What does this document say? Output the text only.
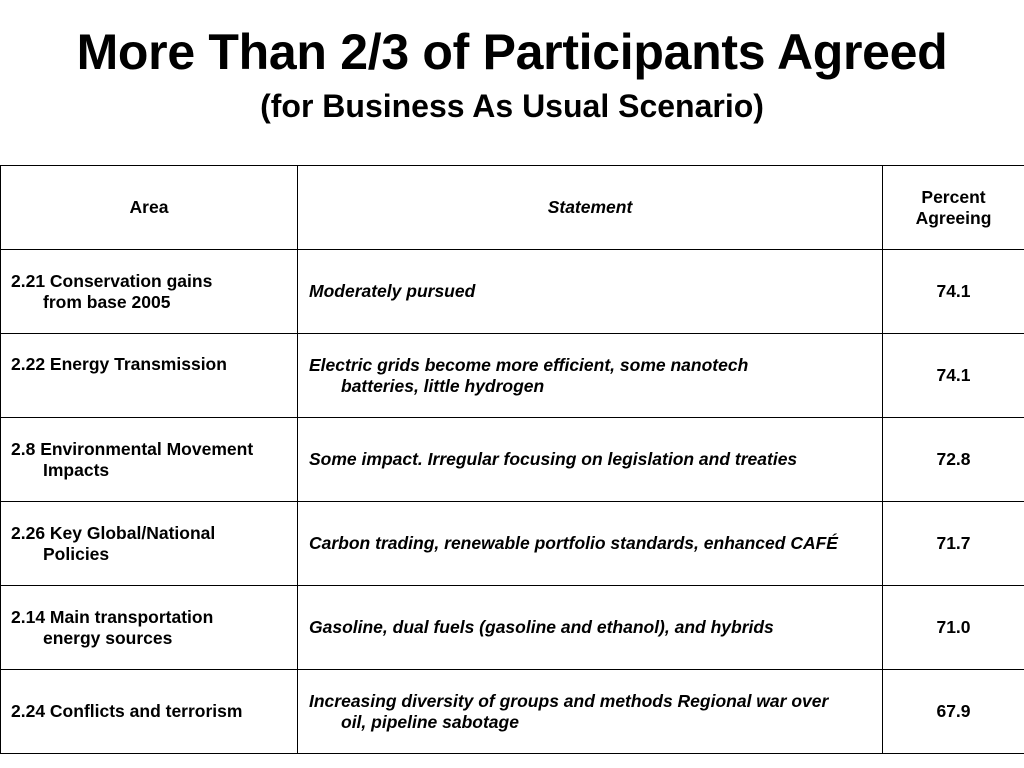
More Than 2/3 of Participants Agreed
(for Business As Usual Scenario)
Area	Statement	Percent Agreeing

2.21 Conservation gains from base 2005	Moderately pursued	74.1

2.22 Energy Transmission	Electric grids become more efficient, some nanotech batteries, little hydrogen	74.1

2.8 Environmental Movement Impacts	Some impact. Irregular focusing on legislation and treaties	72.8

2.26 Key Global/National Policies	Carbon trading, renewable portfolio standards, enhanced CAFÉ	71.7

2.14 Main transportation energy sources	Gasoline, dual fuels (gasoline and ethanol), and hybrids	71.0

2.24 Conflicts and terrorism	Increasing diversity of groups and methods Regional war over oil, pipeline sabotage	67.9
